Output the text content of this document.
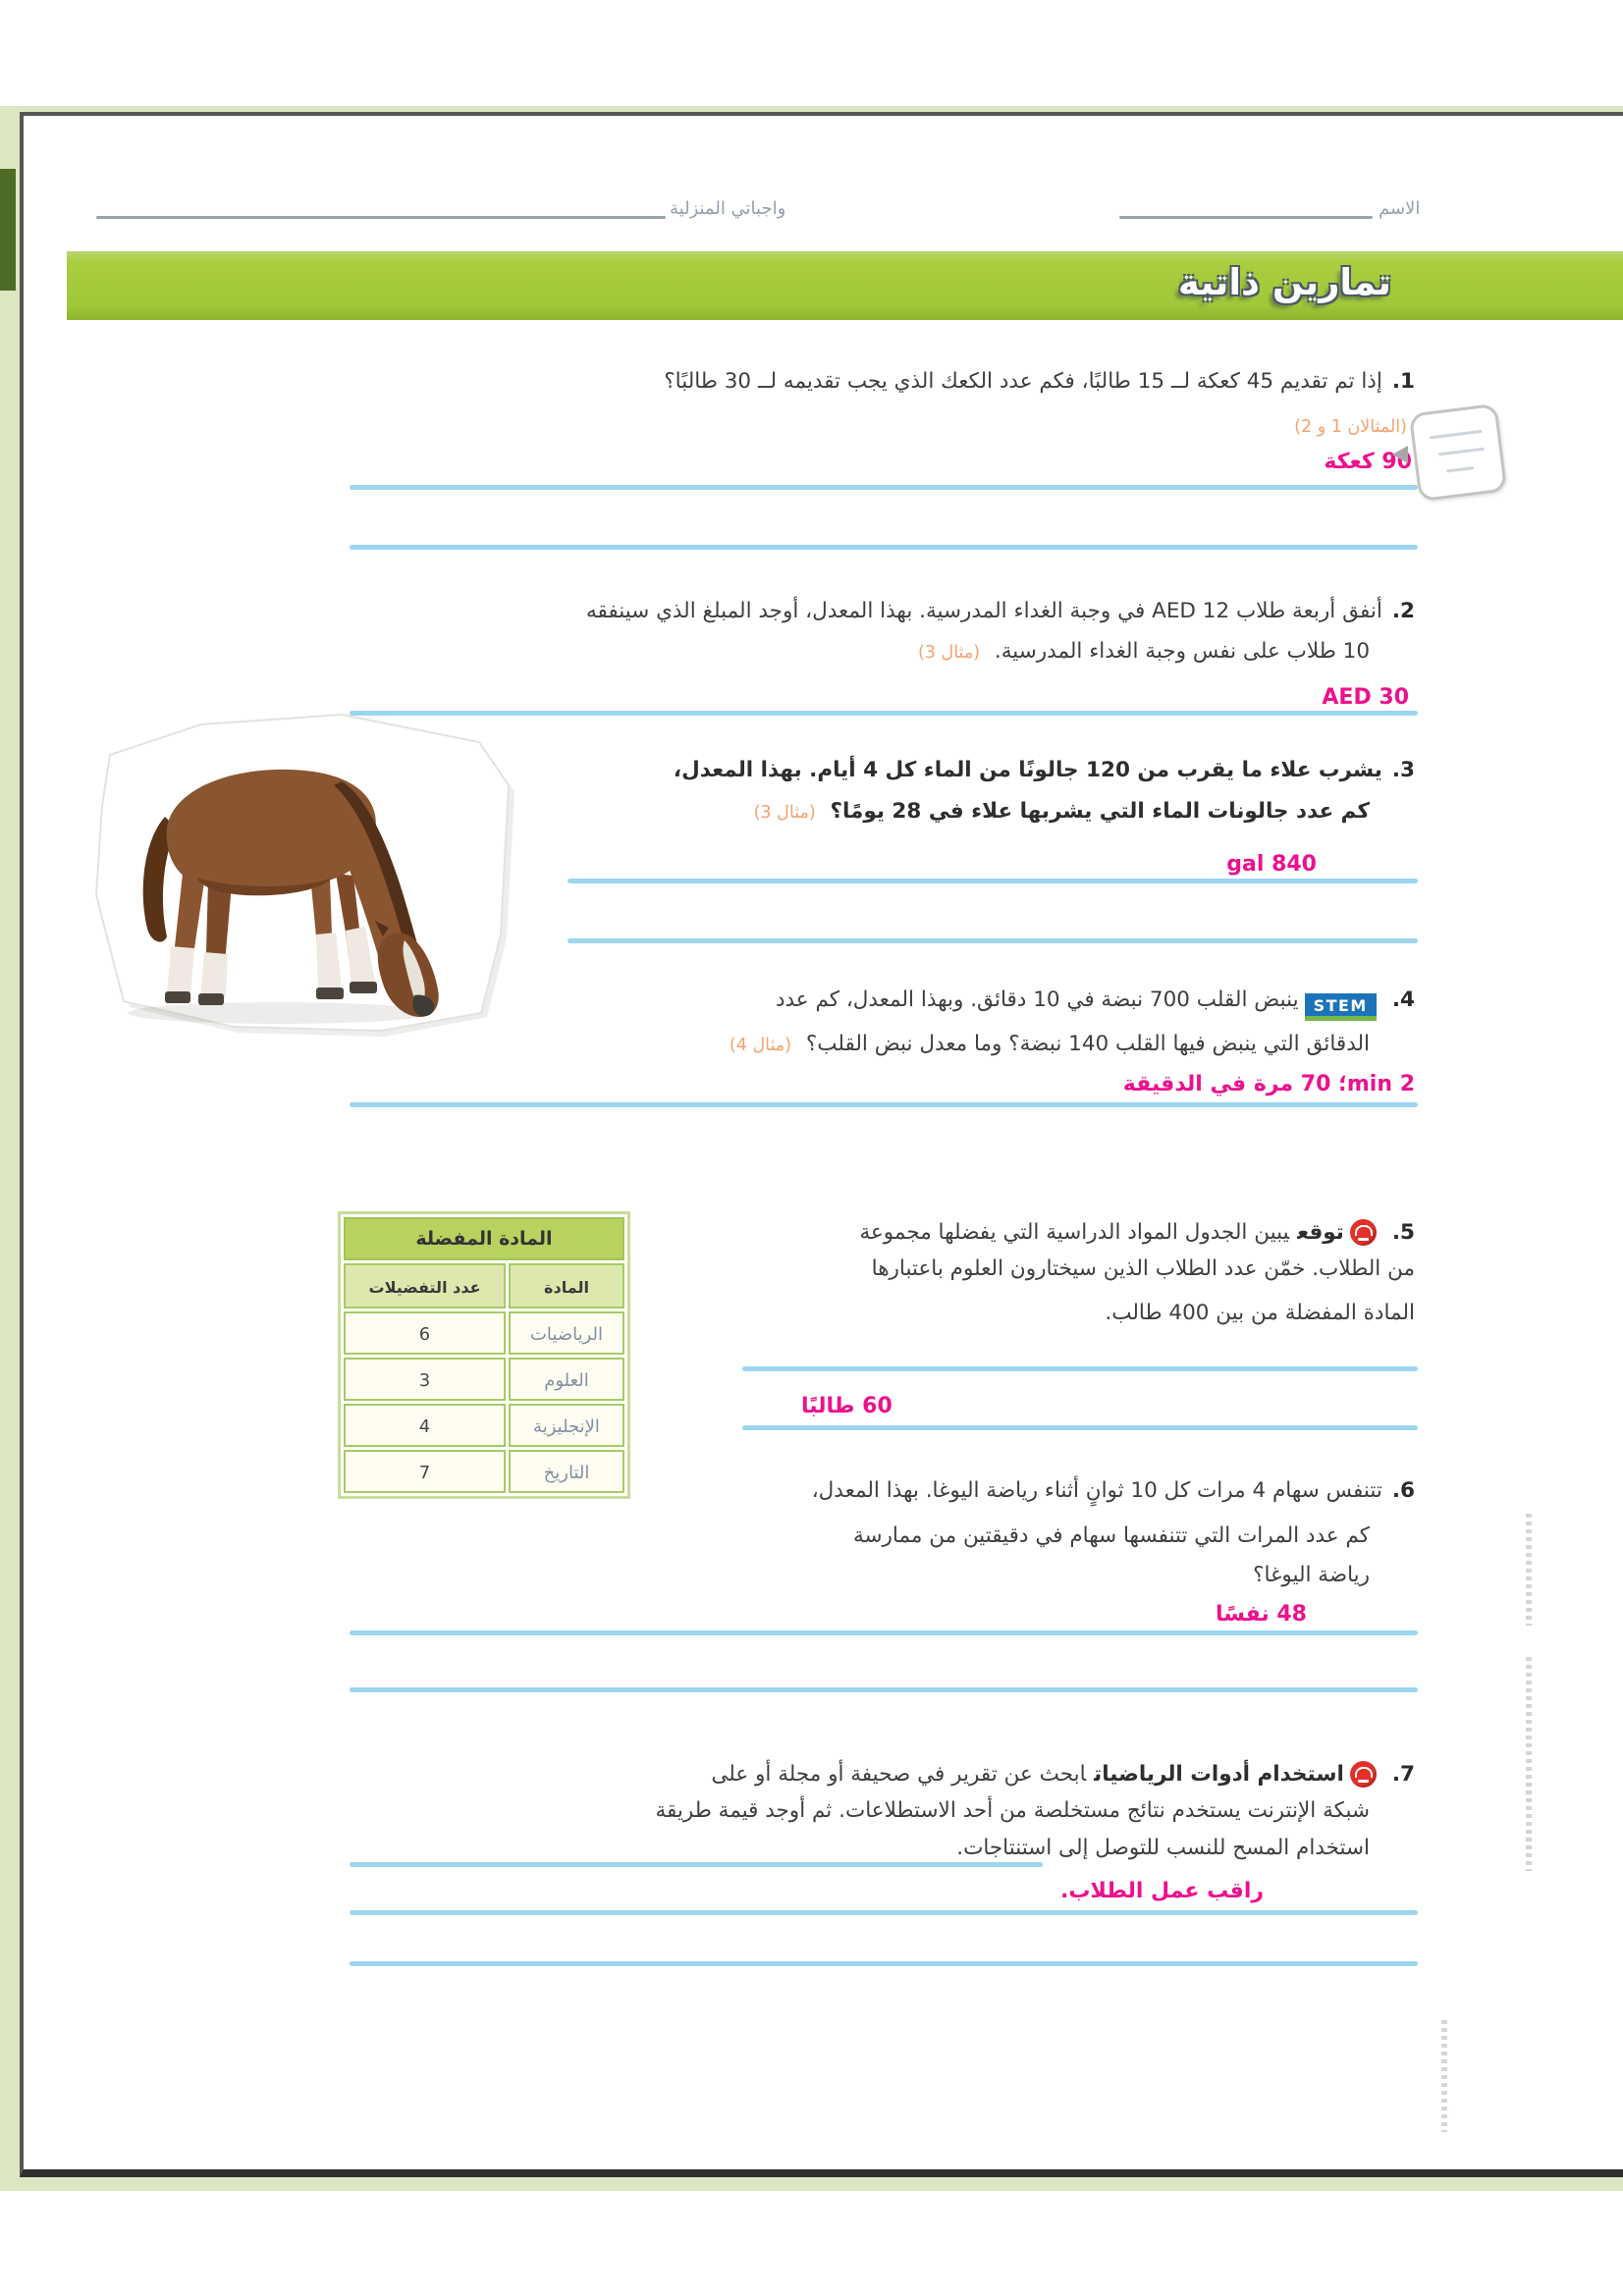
واجباتي المنزلية	الاسم
تمارين ذاتية
1.إذا تم تقديم 45 كعكة لــ 15 طالبًا، فكم عدد الكعك الذي يجب تقديمه لــ 30 طالبًا؟
(المثالان 1 و 2)
90 كعكة
2.أنفق أربعة طلاب AED 12 في وجبة الغداء المدرسية. بهذا المعدل، أوجد المبلغ الذي سينفقه
10 طلاب على نفس وجبة الغداء المدرسية. (مثال 3)
AED 30
3.يشرب علاء ما يقرب من 120 جالونًا من الماء كل 4 أيام. بهذا المعدل،
كم عدد جالونات الماء التي يشربها علاء في 28 يومًا؟ (مثال 3)
840 gal
4.STEMينبض القلب 700 نبضة في 10 دقائق. وبهذا المعدل، كم عدد
الدقائق التي ينبض فيها القلب 140 نبضة؟ وما معدل نبض القلب؟ (مثال 4)
2 min؛ 70 مرة في الدقيقة
5.توقعيبين الجدول المواد الدراسية التي يفضلها مجموعة
من الطلاب. خمّن عدد الطلاب الذين سيختارون العلوم باعتبارها
المادة المفضلة من بين 400 طالب.
60 طالبًا
المادة المفضلة
المادة
عدد التفضيلات
الرياضيات
6
العلوم
3
الإنجليزية
4
التاريخ
7
6.تتنفس سهام 4 مرات كل 10 ثوانٍ أثناء رياضة اليوغا. بهذا المعدل،
كم عدد المرات التي تتنفسها سهام في دقيقتين من ممارسة
رياضة اليوغا؟
48 نفسًا
7.استخدام أدوات الرياضياتابحث عن تقرير في صحيفة أو مجلة أو على
شبكة الإنترنت يستخدم نتائج مستخلصة من أحد الاستطلاعات. ثم أوجد قيمة طريقة
استخدام المسح للنسب للتوصل إلى استنتاجات.
راقب عمل الطلاب.
